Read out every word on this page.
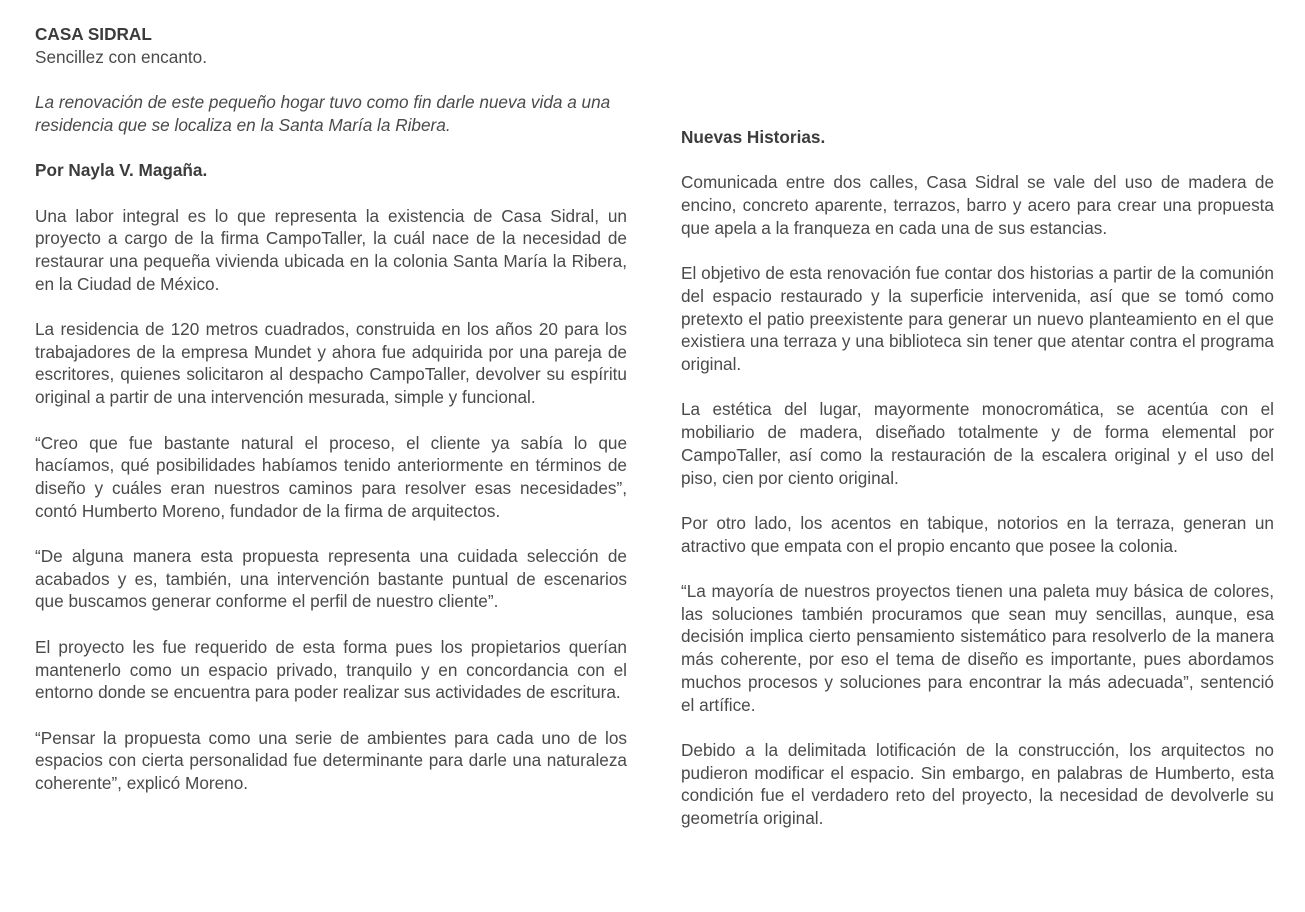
CASA SIDRAL

Sencillez con encanto.

La renovación de este pequeño hogar tuvo como fin darle nueva vida a una residencia que se localiza en la Santa María la Ribera.

Por Nayla V. Magaña.

Una labor integral es lo que representa la existencia de Casa Sidral, un proyecto a cargo de la firma CampoTaller, la cuál nace de la necesidad de restaurar una pequeña vivienda ubicada en la colonia Santa María la Ribera, en la Ciudad de México.

La residencia de 120 metros cuadrados, construida en los años 20 para los trabajadores de la empresa Mundet y ahora fue adquirida por una pareja de escritores, quienes solicitaron al despacho CampoTaller, devolver su espíritu original a partir de una intervención mesurada, simple y funcional.

“Creo que fue bastante natural el proceso, el cliente ya sabía lo que hacíamos, qué posibilidades habíamos tenido anteriormente en términos de diseño y cuáles eran nuestros caminos para resolver esas necesidades”, contó Humberto Moreno, fundador de la firma de arquitectos.

“De alguna manera esta propuesta representa una cuidada selección de acabados y es, también, una intervención bastante puntual de escenarios que buscamos generar conforme el perfil de nuestro cliente”.

El proyecto les fue requerido de esta forma pues los propietarios querían mantenerlo como un espacio privado, tranquilo y en concordancia con el entorno donde se encuentra para poder realizar sus actividades de escritura.

“Pensar la propuesta como una serie de ambientes para cada uno de los espacios con cierta personalidad fue determinante para darle una naturaleza coherente”, explicó Moreno.

Nuevas Historias.

Comunicada entre dos calles, Casa Sidral se vale del uso de madera de encino, concreto aparente, terrazos, barro y acero para crear una propuesta que apela a la franqueza en cada una de sus estancias.

El objetivo de esta renovación fue contar dos historias a partir de la comunión del espacio restaurado y la superficie intervenida, así que se tomó como pretexto el patio preexistente para generar un nuevo planteamiento en el que existiera una terraza y una biblioteca sin tener que atentar contra el programa original.

La estética del lugar, mayormente monocromática, se acentúa con el mobiliario de madera, diseñado totalmente y de forma elemental por CampoTaller, así como la restauración de la escalera original y el uso del piso, cien por ciento original.

Por otro lado, los acentos en tabique, notorios en la terraza, generan un atractivo que empata con el propio encanto que posee la colonia.

“La mayoría de nuestros proyectos tienen una paleta muy básica de colores, las soluciones también procuramos que sean muy sencillas, aunque, esa decisión implica cierto pensamiento sistemático para resolverlo de la manera más coherente, por eso el tema de diseño es importante, pues abordamos muchos procesos y soluciones para encontrar la más adecuada”, sentenció el artífice.

Debido a la delimitada lotificación de la construcción, los arquitectos no pudieron modificar el espacio. Sin embargo, en palabras de Humberto, esta condición fue el verdadero reto del proyecto, la necesidad de devolverle su geometría original.
